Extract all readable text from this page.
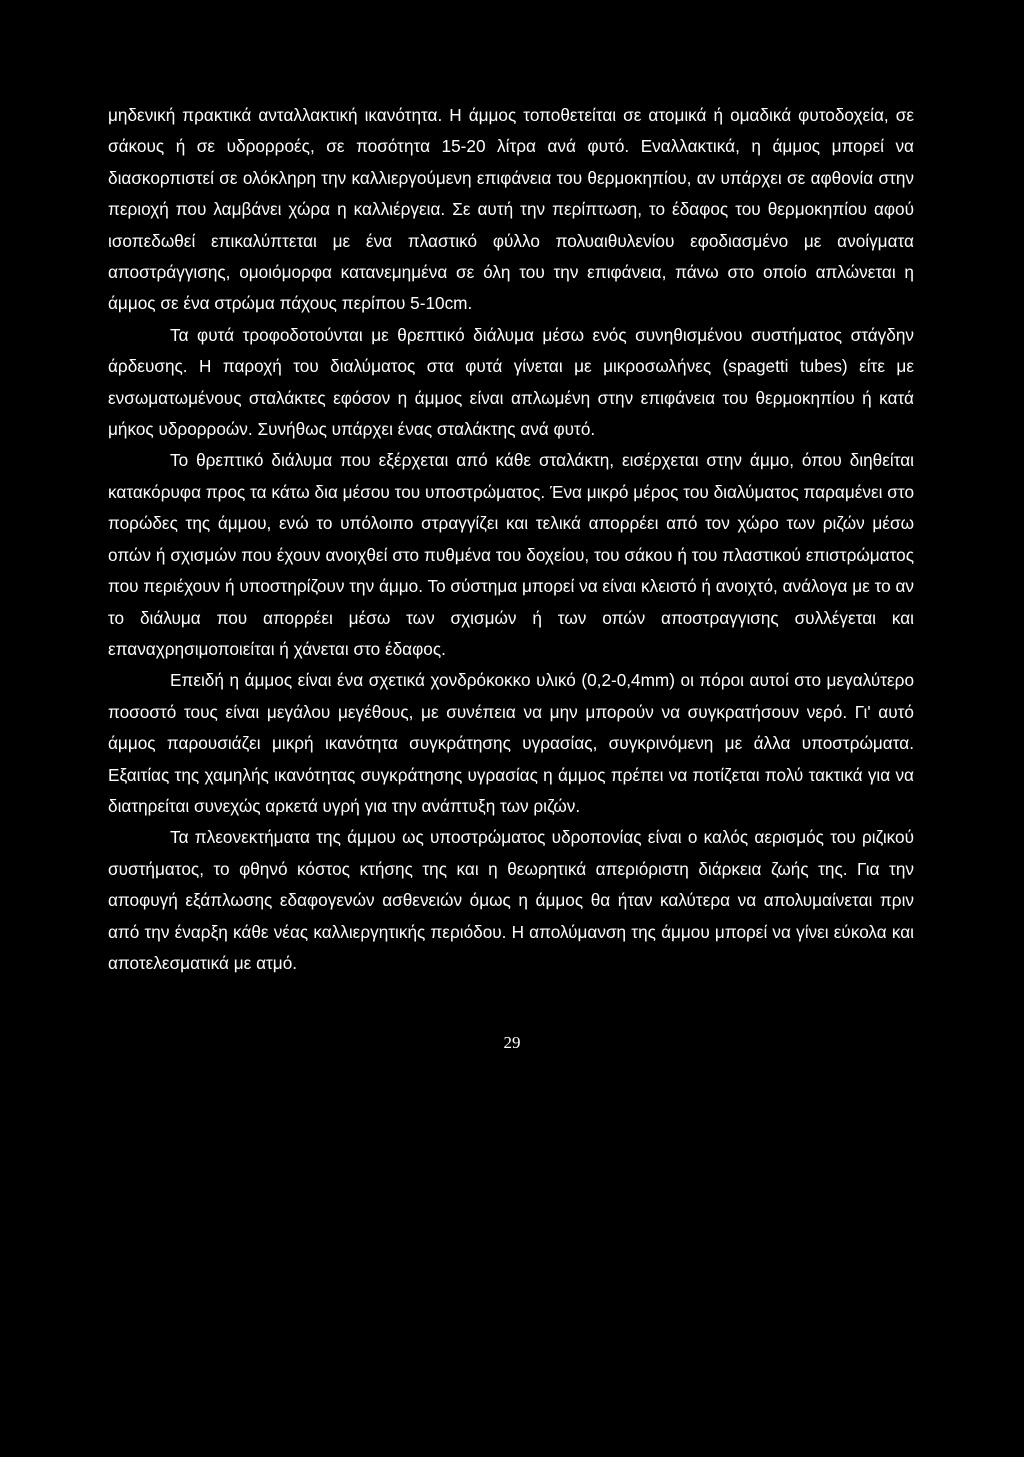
μηδενική πρακτικά ανταλλακτική ικανότητα. Η άμμος τοποθετείται σε ατομικά ή ομαδικά φυτοδοχεία, σε σάκους ή σε υδρορροές, σε ποσότητα 15-20 λίτρα ανά φυτό. Εναλλακτικά, η άμμος μπορεί να διασκορπιστεί σε ολόκληρη την καλλιεργούμενη επιφάνεια του θερμοκηπίου, αν υπάρχει σε αφθονία στην περιοχή που λαμβάνει χώρα η καλλιέργεια. Σε αυτή την περίπτωση, το έδαφος του θερμοκηπίου αφού ισοπεδωθεί επικαλύπτεται με ένα πλαστικό φύλλο πολυαιθυλενίου εφοδιασμένο με ανοίγματα αποστράγγισης, ομοιόμορφα κατανεμημένα σε όλη του την επιφάνεια, πάνω στο οποίο απλώνεται η άμμος σε ένα στρώμα πάχους περίπου 5-10cm.

Τα φυτά τροφοδοτούνται με θρεπτικό διάλυμα μέσω ενός συνηθισμένου συστήματος στάγδην άρδευσης. Η παροχή του διαλύματος στα φυτά γίνεται με μικροσωλήνες (spagetti tubes) είτε με ενσωματωμένους σταλάκτες εφόσον η άμμος είναι απλωμένη στην επιφάνεια του θερμοκηπίου ή κατά μήκος υδρορροών. Συνήθως υπάρχει ένας σταλάκτης ανά φυτό.

Το θρεπτικό διάλυμα που εξέρχεται από κάθε σταλάκτη, εισέρχεται στην άμμο, όπου διηθείται κατακόρυφα προς τα κάτω δια μέσου του υποστρώματος. Ένα μικρό μέρος του διαλύματος παραμένει στο πορώδες της άμμου, ενώ το υπόλοιπο στραγγίζει και τελικά απορρέει από τον χώρο των ριζών μέσω οπών ή σχισμών που έχουν ανοιχθεί στο πυθμένα του δοχείου, του σάκου ή του πλαστικού επιστρώματος που περιέχουν ή υποστηρίζουν την άμμο. Το σύστημα μπορεί να είναι κλειστό ή ανοιχτό, ανάλογα με το αν το διάλυμα που απορρέει μέσω των σχισμών ή των οπών αποστραγγισης συλλέγεται και επαναχρησιμοποιείται ή χάνεται στο έδαφος.

Επειδή η άμμος είναι ένα σχετικά χονδρόκοκκο υλικό (0,2-0,4mm) οι πόροι αυτοί στο μεγαλύτερο ποσοστό τους είναι μεγάλου μεγέθους, με συνέπεια να μην μπορούν να συγκρατήσουν νερό. Γι' αυτό άμμος παρουσιάζει μικρή ικανότητα συγκράτησης υγρασίας, συγκρινόμενη με άλλα υποστρώματα. Εξαιτίας της χαμηλής ικανότητας συγκράτησης υγρασίας η άμμος πρέπει να ποτίζεται πολύ τακτικά για να διατηρείται συνεχώς αρκετά υγρή για την ανάπτυξη των ριζών.

Τα πλεονεκτήματα της άμμου ως υποστρώματος υδροπονίας είναι ο καλός αερισμός του ριζικού συστήματος, το φθηνό κόστος κτήσης της και η θεωρητικά απεριόριστη διάρκεια ζωής της. Για την αποφυγή εξάπλωσης εδαφογενών ασθενειών όμως η άμμος θα ήταν καλύτερα να απολυμαίνεται πριν από την έναρξη κάθε νέας καλλιεργητικής περιόδου. Η απολύμανση της άμμου μπορεί να γίνει εύκολα και αποτελεσματικά με ατμό.

29
